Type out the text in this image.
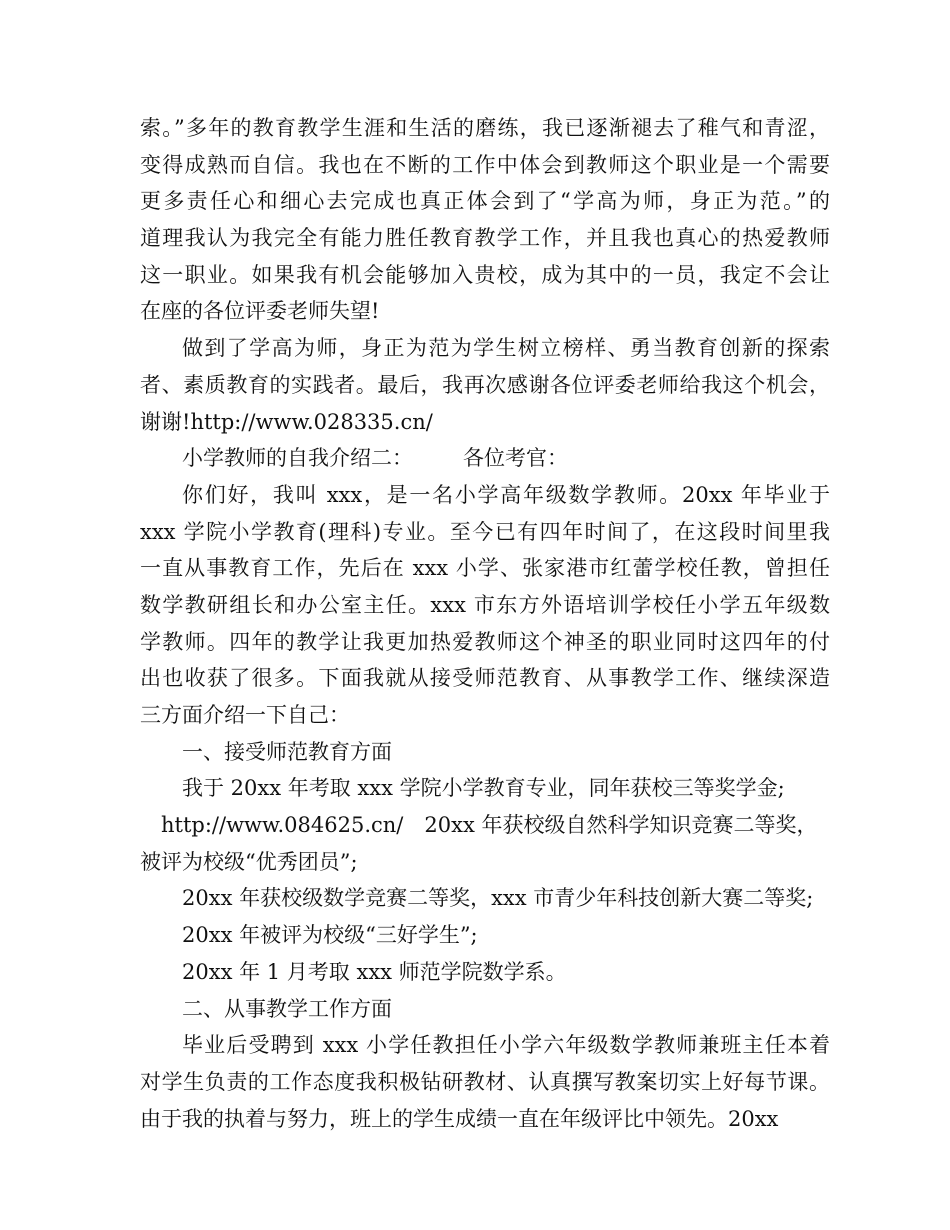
索。”多年的教育教学生涯和生活的磨练，我已逐渐褪去了稚气和青涩，
变得成熟而自信。我也在不断的工作中体会到教师这个职业是一个需要
更多责任心和细心去完成也真正体会到了“学高为师，身正为范。”的
道理我认为我完全有能力胜任教育教学工作，并且我也真心的热爱教师
这一职业。如果我有机会能够加入贵校，成为其中的一员，我定不会让
在座的各位评委老师失望!
做到了学高为师，身正为范为学生树立榜样、勇当教育创新的探索
者、素质教育的实践者。最后，我再次感谢各位评委老师给我这个机会，
谢谢!http://www.028335.cn/
小学教师的自我介绍二： 各位考官：
你们好，我叫 xxx，是一名小学高年级数学教师。20xx 年毕业于
xxx 学院小学教育(理科)专业。至今已有四年时间了，在这段时间里我
一直从事教育工作，先后在 xxx 小学、张家港市红蕾学校任教，曾担任
数学教研组长和办公室主任。xxx 市东方外语培训学校任小学五年级数
学教师。四年的教学让我更加热爱教师这个神圣的职业同时这四年的付
出也收获了很多。下面我就从接受师范教育、从事教学工作、继续深造
三方面介绍一下自己：
一、接受师范教育方面
我于 20xx 年考取 xxx 学院小学教育专业，同年获校三等奖学金;
http://www.084625.cn/ 20xx 年获校级自然科学知识竞赛二等奖，
被评为校级“优秀团员”;
20xx 年获校级数学竞赛二等奖，xxx 市青少年科技创新大赛二等奖;
20xx 年被评为校级“三好学生”;
20xx 年 1 月考取 xxx 师范学院数学系。
二、从事教学工作方面
毕业后受聘到 xxx 小学任教担任小学六年级数学教师兼班主任本着
对学生负责的工作态度我积极钻研教材、认真撰写教案切实上好每节课。
由于我的执着与努力，班上的学生成绩一直在年级评比中领先。20xx
